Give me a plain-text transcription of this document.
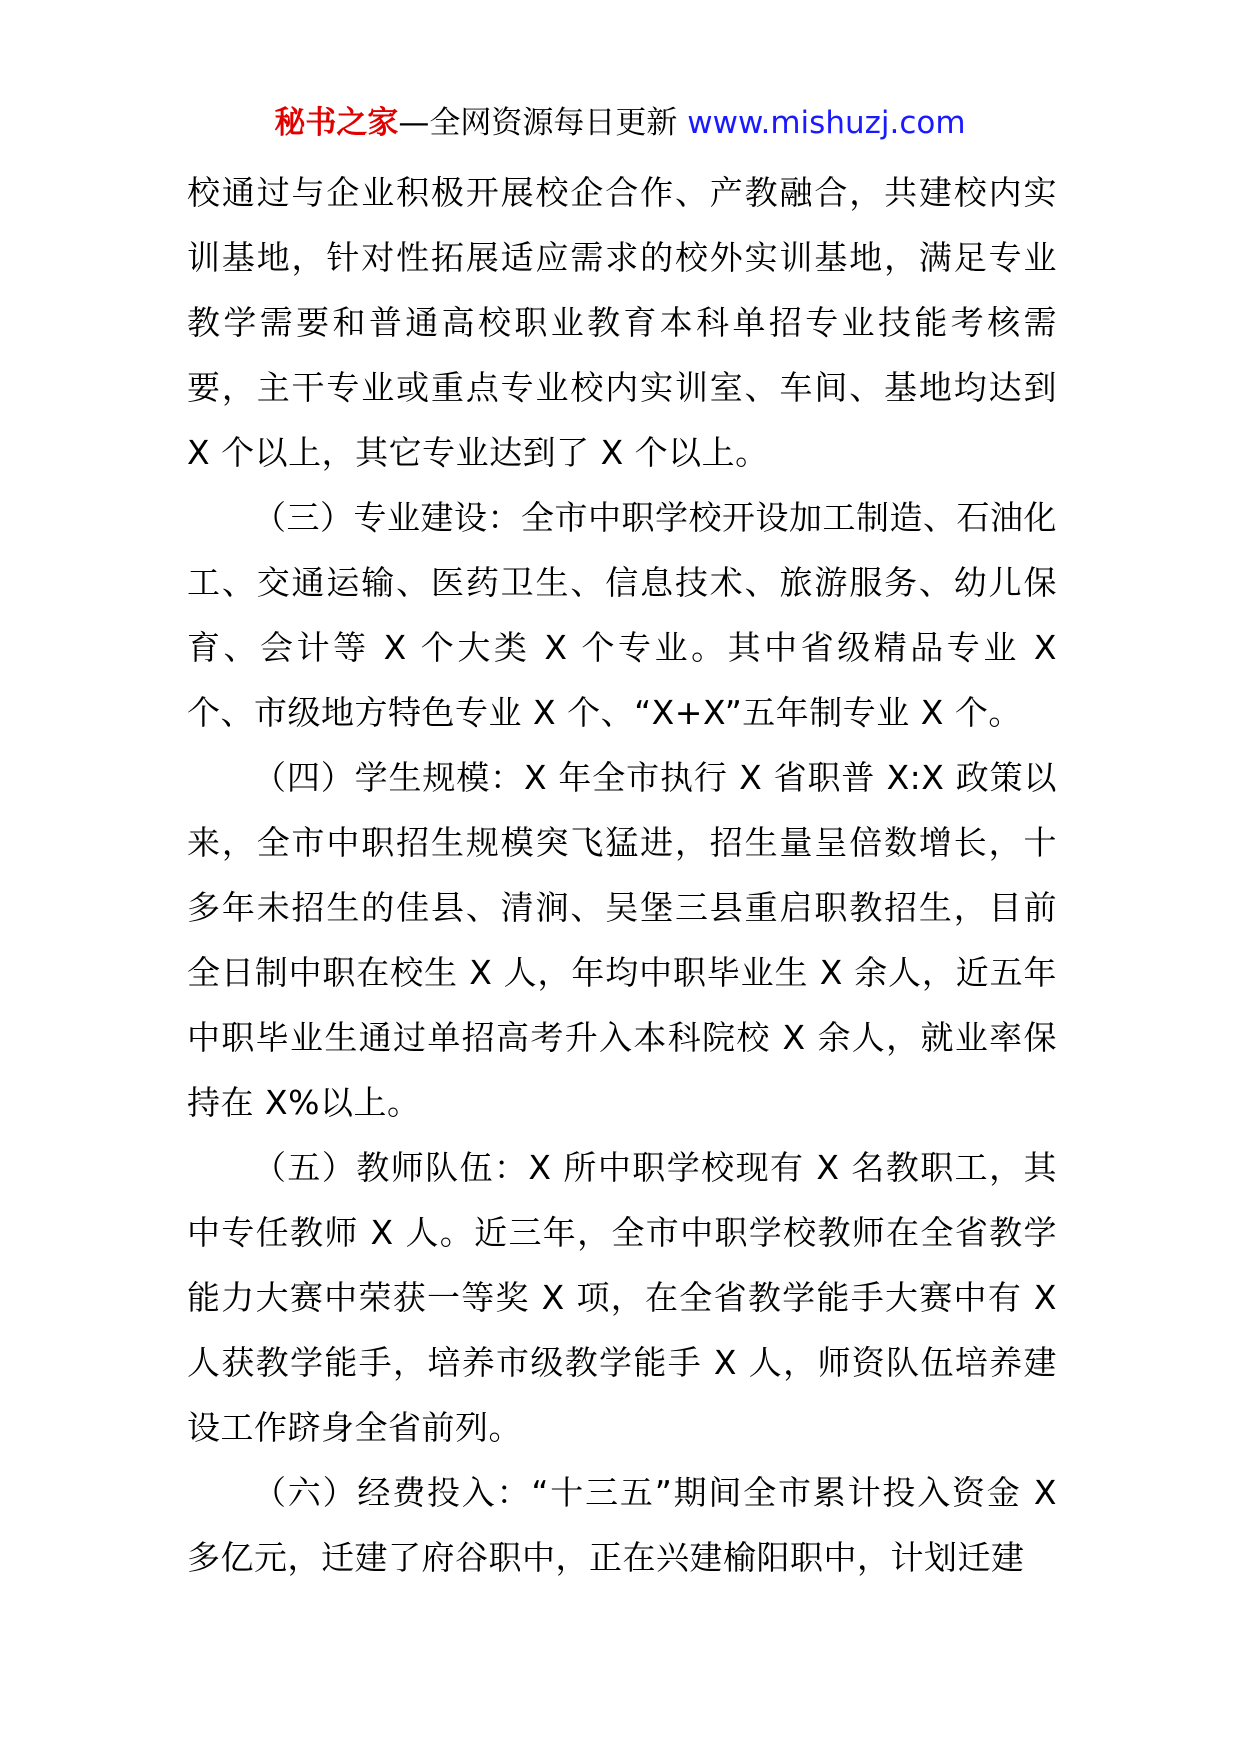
秘书之家—全网资源每日更新 www.mishuzj.com

校通过与企业积极开展校企合作、产教融合，共建校内实训基地，针对性拓展适应需求的校外实训基地，满足专业教学需要和普通高校职业教育本科单招专业技能考核需要，主干专业或重点专业校内实训室、车间、基地均达到 X 个以上，其它专业达到了 X 个以上。

（三）专业建设：全市中职学校开设加工制造、石油化工、交通运输、医药卫生、信息技术、旅游服务、幼儿保育、会计等 X 个大类 X 个专业。其中省级精品专业 X 个、市级地方特色专业 X 个、“X+X”五年制专业 X 个。

（四）学生规模：X 年全市执行 X 省职普 X:X 政策以来，全市中职招生规模突飞猛进，招生量呈倍数增长，十多年未招生的佳县、清涧、吴堡三县重启职教招生，目前全日制中职在校生 X 人，年均中职毕业生 X 余人，近五年中职毕业生通过单招高考升入本科院校 X 余人，就业率保持在 X%以上。

（五）教师队伍：X 所中职学校现有 X 名教职工，其中专任教师 X 人。近三年，全市中职学校教师在全省教学能力大赛中荣获一等奖 X 项，在全省教学能手大赛中有 X 人获教学能手，培养市级教学能手 X 人，师资队伍培养建设工作跻身全省前列。

（六）经费投入：“十三五”期间全市累计投入资金 X 多亿元，迁建了府谷职中，正在兴建榆阳职中，计划迁建
